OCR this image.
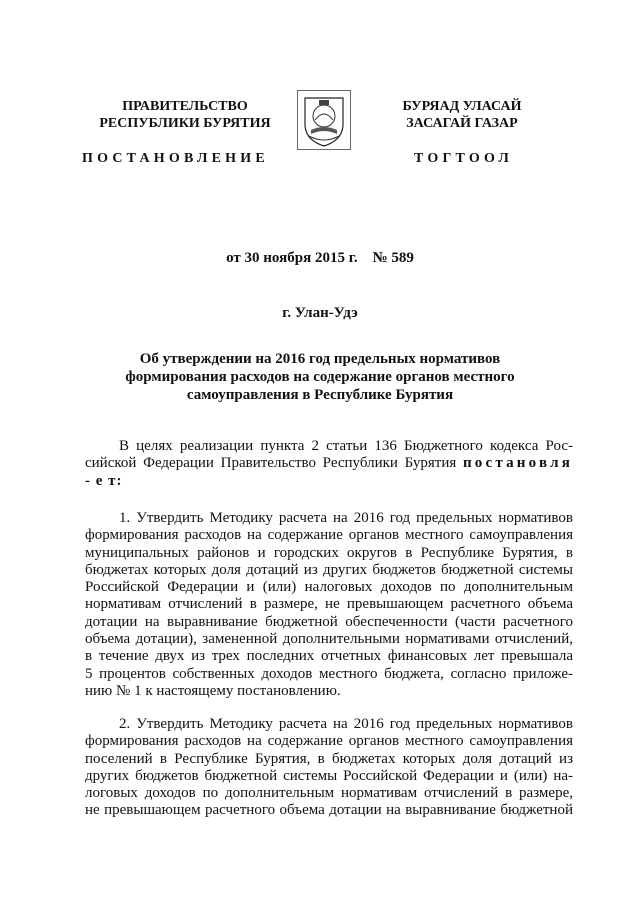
ПРАВИТЕЛЬСТВО
РЕСПУБЛИКИ БУРЯТИЯ
БУРЯАД УЛАСАЙ
ЗАСАГАЙ ГАЗАР
ПОСТАНОВЛЕНИЕ	ТОГТООЛ
от 30 ноября 2015 г.    № 589
г. Улан-Удэ
Об утверждении на 2016 год предельных нормативов
формирования расходов на содержание органов местного
самоуправления в Республике Бурятия
В целях реализации пункта 2 статьи 136 Бюджетного кодекса Рос-
сийской Федерации Правительство Республики Бурятия постановля
- е т:
1. Утвердить Методику расчета на 2016 год предельных нормативов
формирования расходов на содержание органов местного самоуправления
муниципальных районов и городских округов в Республике Бурятия, в
бюджетах которых доля дотаций из других бюджетов бюджетной системы
Российской Федерации и (или) налоговых доходов по дополнительным
нормативам отчислений в размере, не превышающем расчетного объема
дотации на выравнивание бюджетной обеспеченности (части расчетного
объема дотации), замененной дополнительными нормативами отчислений,
в течение двух из трех последних отчетных финансовых лет превышала
5 процентов собственных доходов местного бюджета, согласно приложе-
нию № 1 к настоящему постановлению.
2. Утвердить Методику расчета на 2016 год предельных нормативов
формирования расходов на содержание органов местного самоуправления
поселений в Республике Бурятия, в бюджетах которых доля дотаций из
других бюджетов бюджетной системы Российской Федерации и (или) на-
логовых доходов по дополнительным нормативам отчислений в размере,
не превышающем расчетного объема дотации на выравнивание бюджетной
